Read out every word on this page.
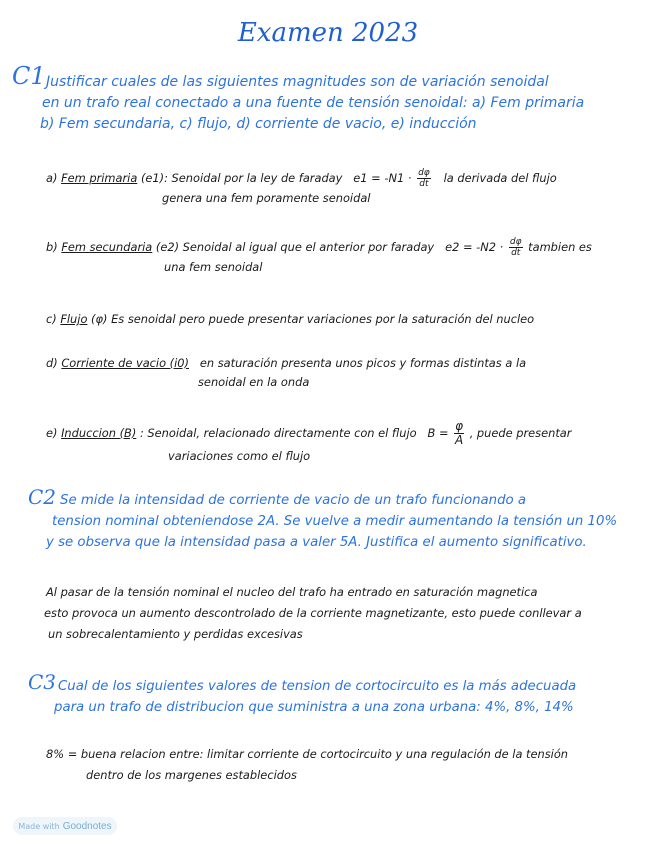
Examen 2023
C1 Justificar cuales de las siguientes magnitudes son de variación senoidal
en un trafo real conectado a una fuente de tensión senoidal: a) Fem primaria
b) Fem secundaria, c) flujo, d) corriente de vacio, e) inducción
a) Fem primaria (e1): Senoidal por la ley de faraday $e1 = -N1 \cdot \frac{d\varphi}{dt}$ la derivada del flujo
genera una fem poramente senoidal
b) Fem secundaria (e2) Senoidal al igual que el anterior por faraday $e2 = -N2 \cdot \frac{d\varphi}{dt}$ tambien es
una fem senoidal
c) Flujo (φ) Es senoidal pero puede presentar variaciones por la saturación del nucleo
d) Corriente de vacio (i0) en saturación presenta unos picos y formas distintas a la
senoidal en la onda
e) Induccion (B) : Senoidal, relacionado directamente con el flujo $B = \frac{\varphi}{A}$ , puede presentar
variaciones como el flujo
C2 Se mide la intensidad de corriente de vacio de un trafo funcionando a
tension nominal obteniendose 2A. Se vuelve a medir aumentando la tensión un 10%
y se observa que la intensidad pasa a valer 5A. Justifica el aumento significativo.
Al pasar de la tensión nominal el nucleo del trafo ha entrado en saturación magnetica
esto provoca un aumento descontrolado de la corriente magnetizante, esto puede conllevar a
un sobrecalentamiento y perdidas excesivas
C3 Cual de los siguientes valores de tension de cortocircuito es la más adecuada
para un trafo de distribucion que suministra a una zona urbana: 4%, 8%, 14%
8% = buena relacion entre: limitar corriente de cortocircuito y una regulación de la tensión
dentro de los margenes establecidos
Made with Goodnotes
